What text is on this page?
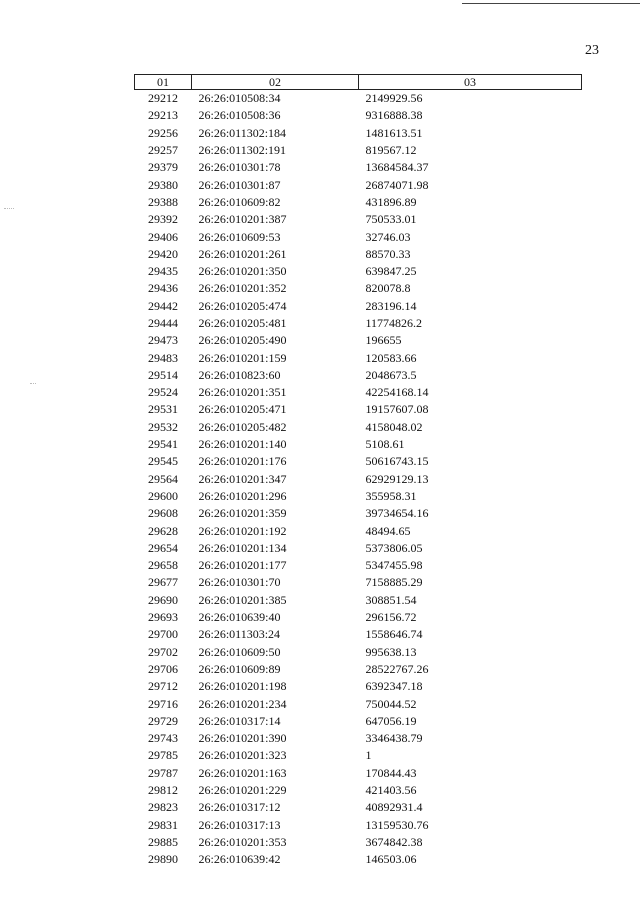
23
01	02	03
29212	26:26:010508:34	2149929.56
29213	26:26:010508:36	9316888.38
29256	26:26:011302:184	1481613.51
29257	26:26:011302:191	819567.12
29379	26:26:010301:78	13684584.37
29380	26:26:010301:87	26874071.98
29388	26:26:010609:82	431896.89
29392	26:26:010201:387	750533.01
29406	26:26:010609:53	32746.03
29420	26:26:010201:261	88570.33
29435	26:26:010201:350	639847.25
29436	26:26:010201:352	820078.8
29442	26:26:010205:474	283196.14
29444	26:26:010205:481	11774826.2
29473	26:26:010205:490	196655
29483	26:26:010201:159	120583.66
29514	26:26:010823:60	2048673.5
29524	26:26:010201:351	42254168.14
29531	26:26:010205:471	19157607.08
29532	26:26:010205:482	4158048.02
29541	26:26:010201:140	5108.61
29545	26:26:010201:176	50616743.15
29564	26:26:010201:347	62929129.13
29600	26:26:010201:296	355958.31
29608	26:26:010201:359	39734654.16
29628	26:26:010201:192	48494.65
29654	26:26:010201:134	5373806.05
29658	26:26:010201:177	5347455.98
29677	26:26:010301:70	7158885.29
29690	26:26:010201:385	308851.54
29693	26:26:010639:40	296156.72
29700	26:26:011303:24	1558646.74
29702	26:26:010609:50	995638.13
29706	26:26:010609:89	28522767.26
29712	26:26:010201:198	6392347.18
29716	26:26:010201:234	750044.52
29729	26:26:010317:14	647056.19
29743	26:26:010201:390	3346438.79
29785	26:26:010201:323	1
29787	26:26:010201:163	170844.43
29812	26:26:010201:229	421403.56
29823	26:26:010317:12	40892931.4
29831	26:26:010317:13	13159530.76
29885	26:26:010201:353	3674842.38
29890	26:26:010639:42	146503.06
